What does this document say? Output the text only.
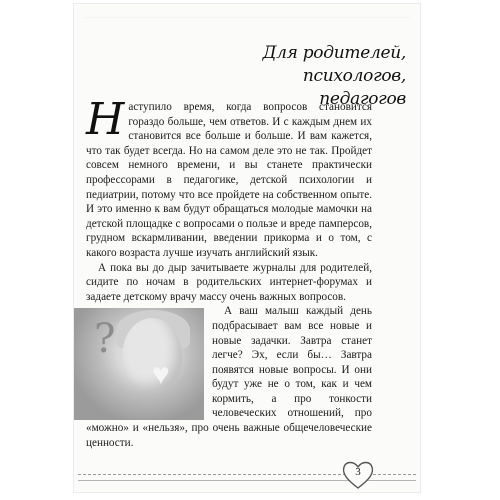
Для родителей, психологов,
педагогов

Наступило время, когда вопросов становится гораздо больше, чем ответов. И с каждым днем их становится все больше и больше. И вам кажется, что так будет всегда. Но на самом деле это не так. Пройдет совсем немного времени, и вы станете практически профессорами в педагогике, детской психологии и педиатрии, потому что все пройдете на собственном опыте. И это именно к вам будут обращаться молодые мамочки на детской площадке с вопросами о пользе и вреде памперсов, грудном вскармливании, введении прикорма и о том, с какого возраста лучше изучать английский язык.

А пока вы до дыр зачитываете журналы для родителей, сидите по ночам в родительских интернет-форумах и задаете детскому врачу массу очень важных вопросов.

?
♥
А ваш малыш каждый день подбрасывает вам все новые и новые задачки. Завтра станет легче? Эх, если бы… Завтра появятся новые вопросы. И они будут уже не о том, как и чем кормить, а про тонкости человеческих отношений, про «можно» и «нельзя», про очень важные общечеловеческие ценности.

3
